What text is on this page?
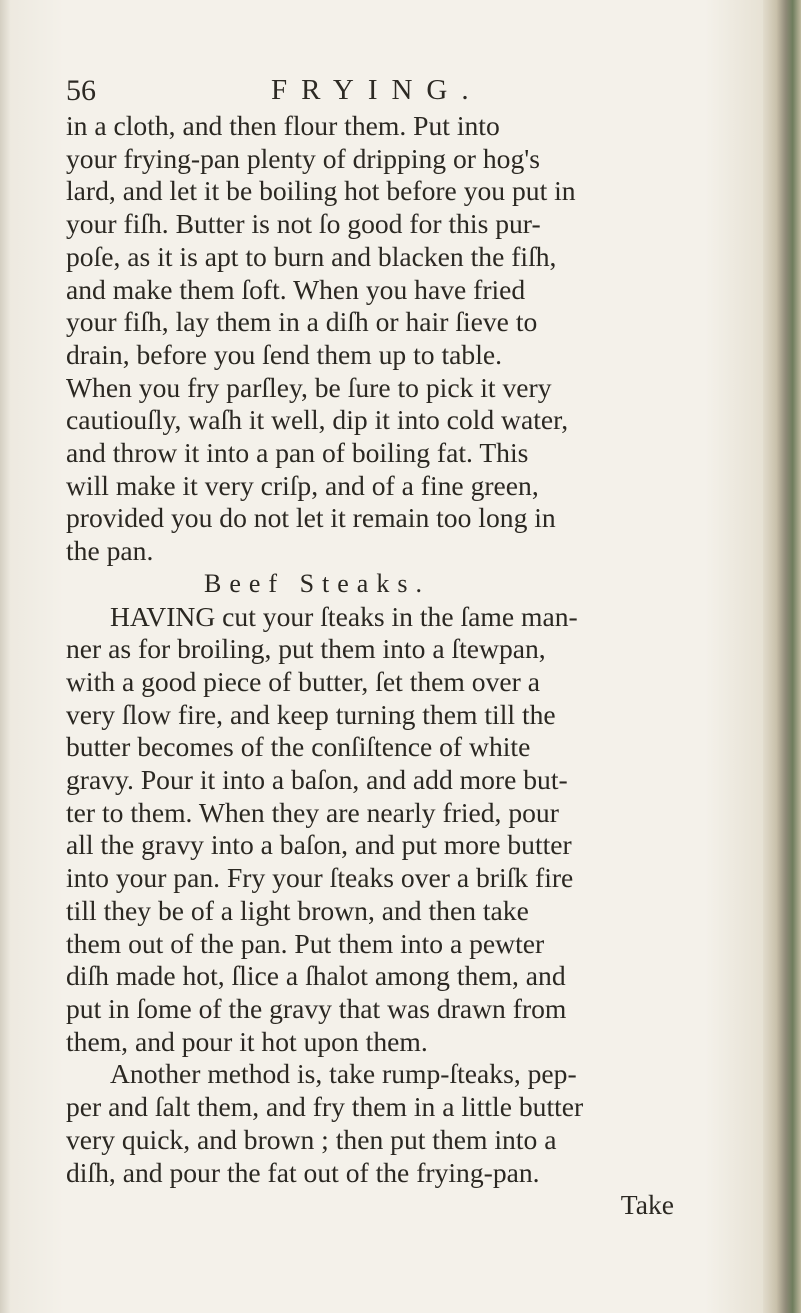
56	FRYING.
in a cloth, and then flour them. Put into
your frying-pan plenty of dripping or hog's
lard, and let it be boiling hot before you put in
your fiſh. Butter is not ſo good for this pur-
poſe, as it is apt to burn and blacken the fiſh,
and make them ſoft. When you have fried
your fiſh, lay them in a diſh or hair ſieve to
drain, before you ſend them up to table.
When you fry parſley, be ſure to pick it very
cautiouſly, waſh it well, dip it into cold water,
and throw it into a pan of boiling fat. This
will make it very criſp, and of a fine green,
provided you do not let it remain too long in
the pan.
Beef Steaks.
HAVING cut your ſteaks in the ſame man-
ner as for broiling, put them into a ſtewpan,
with a good piece of butter, ſet them over a
very ſlow fire, and keep turning them till the
butter becomes of the conſiſtence of white
gravy. Pour it into a baſon, and add more but-
ter to them. When they are nearly fried, pour
all the gravy into a baſon, and put more butter
into your pan. Fry your ſteaks over a briſk fire
till they be of a light brown, and then take
them out of the pan. Put them into a pewter
diſh made hot, ſlice a ſhalot among them, and
put in ſome of the gravy that was drawn from
them, and pour it hot upon them.
Another method is, take rump-ſteaks, pep-
per and ſalt them, and fry them in a little butter
very quick, and brown ; then put them into a
diſh, and pour the fat out of the frying-pan.
Take
